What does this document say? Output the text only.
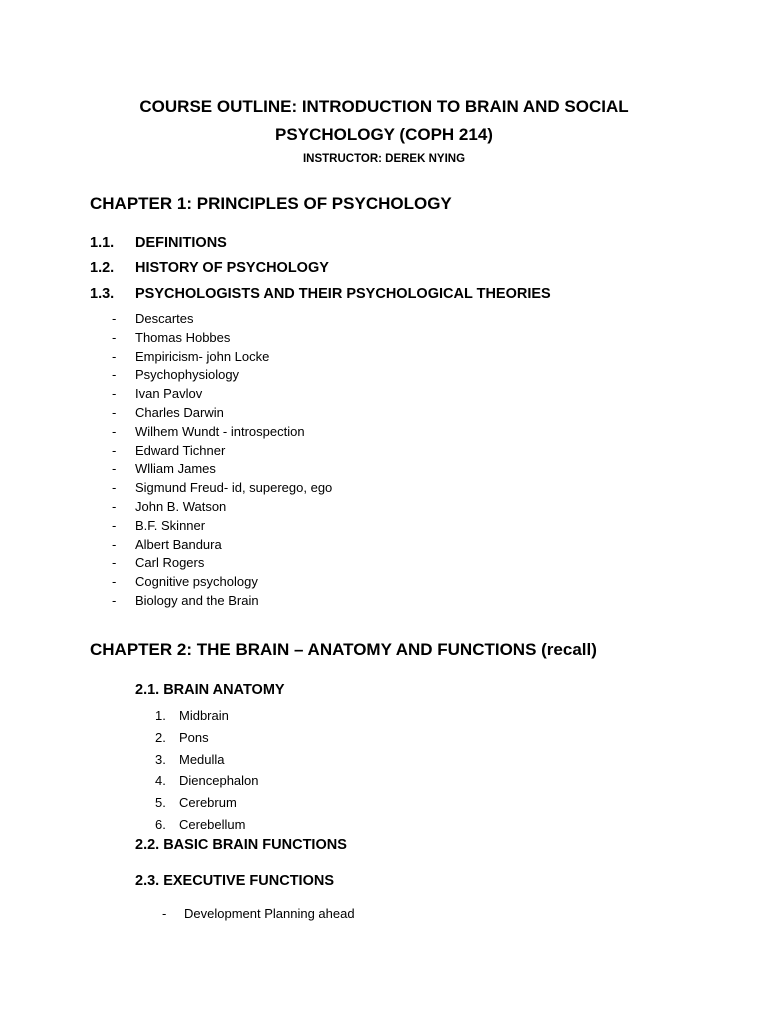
COURSE OUTLINE: INTRODUCTION TO BRAIN AND SOCIAL
PSYCHOLOGY (COPH 214)
INSTRUCTOR: DEREK NYING
CHAPTER 1: PRINCIPLES OF PSYCHOLOGY
1.1. DEFINITIONS
1.2. HISTORY OF PSYCHOLOGY
1.3. PSYCHOLOGISTS AND THEIR PSYCHOLOGICAL THEORIES
- Descartes
- Thomas Hobbes
- Empiricism- john Locke
- Psychophysiology
- Ivan Pavlov
- Charles Darwin
- Wilhem Wundt - introspection
- Edward Tichner
- Wlliam James
- Sigmund Freud- id, superego, ego
- John B. Watson
- B.F. Skinner
- Albert Bandura
- Carl Rogers
- Cognitive psychology
- Biology and the Brain
CHAPTER 2: THE BRAIN – ANATOMY AND FUNCTIONS (recall)
2.1. BRAIN ANATOMY
1. Midbrain
2. Pons
3. Medulla
4. Diencephalon
5. Cerebrum
6. Cerebellum
2.2. BASIC BRAIN FUNCTIONS
2.3. EXECUTIVE FUNCTIONS
- Development Planning ahead
